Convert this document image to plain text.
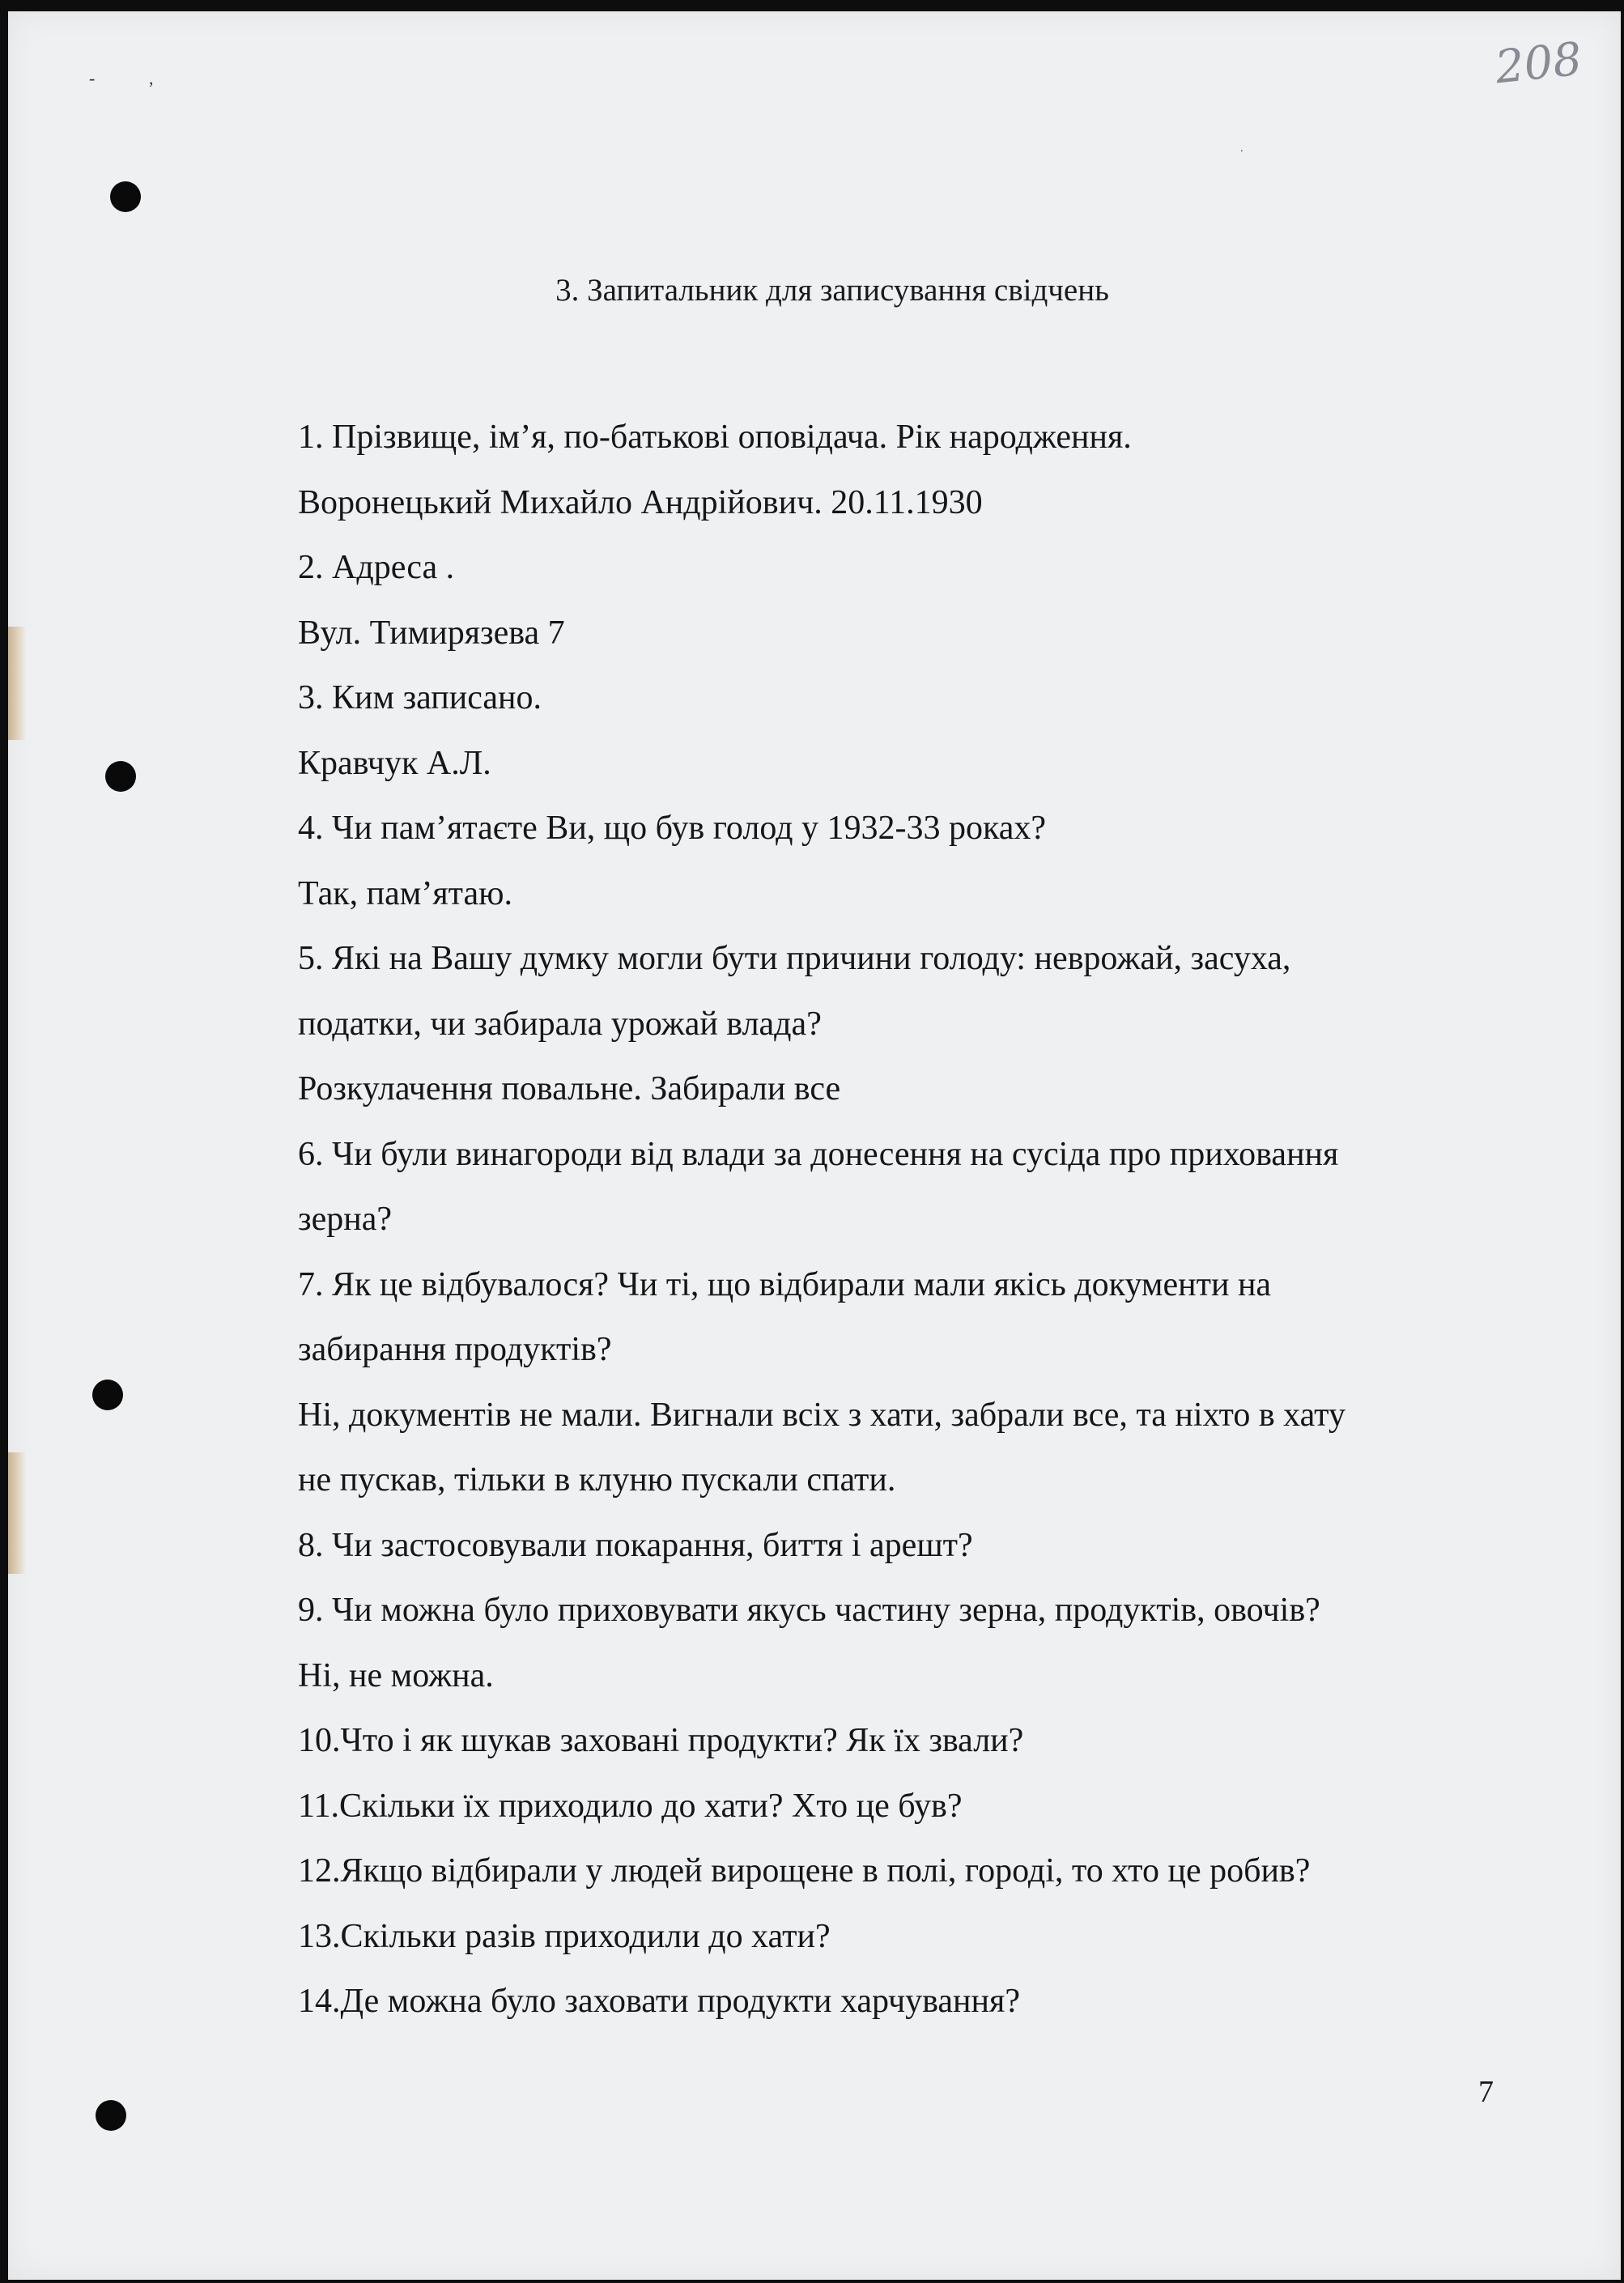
-	,
.
208
3. Запитальник для записування свідчень
1. Прізвище, ім’я, по-батькові оповідача. Рік народження.
Воронецький Михайло Андрійович. 20.11.1930
2. Адреса .
Вул. Тимирязева 7
3. Ким записано.
Кравчук А.Л.
4. Чи пам’ятаєте Ви, що був голод у 1932-33 роках?
Так, пам’ятаю.
5. Які на Вашу думку могли бути причини голоду: неврожай, засуха,
податки, чи забирала урожай влада?
Розкулачення повальне. Забирали все
6. Чи були винагороди від влади за донесення на сусіда про приховання
зерна?
7. Як це відбувалося? Чи ті, що відбирали мали якісь документи на
забирання продуктів?
Ні, документів не мали. Вигнали всіх з хати, забрали все, та ніхто в хату
не пускав, тільки в клуню пускали спати.
8. Чи застосовували покарання, биття і арешт?
9. Чи можна було приховувати якусь частину зерна, продуктів, овочів?
Ні, не можна.
10.Что і як шукав заховані продукти? Як їх звали?
11.Скільки їх приходило до хати? Хто це був?
12.Якщо відбирали у людей вирощене в полі, городі, то хто це робив?
13.Скільки разів приходили до хати?
14.Де можна було заховати продукти харчування?
7
